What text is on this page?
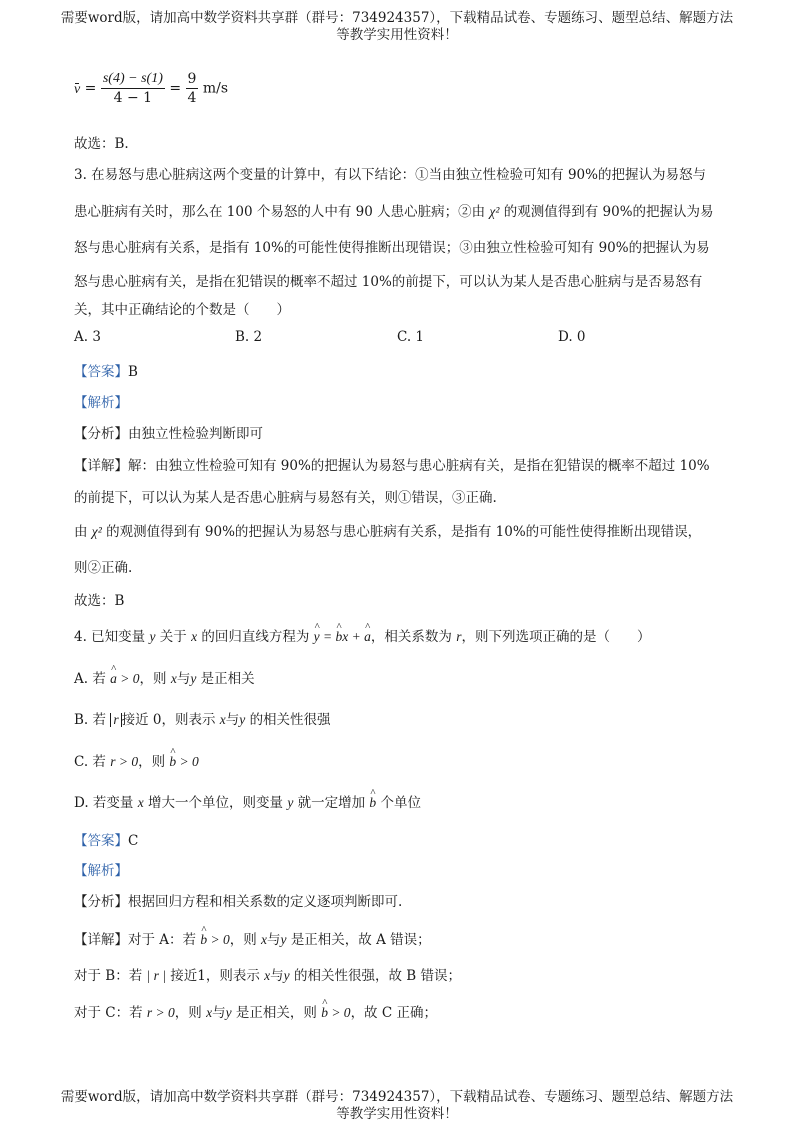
需要word版，请加高中数学资料共享群（群号：734924357），下载精品试卷、专题练习、题型总结、解题方法
等教学实用性资料！
$v = \frac{s(4) - s(1)}{4 - 1} = \frac{9}{4} m/s$
故选：B.
3. 在易怒与患心脏病这两个变量的计算中，有以下结论：①当由独立性检验可知有 90%的把握认为易怒与
患心脏病有关时，那么在 100 个易怒的人中有 90 人患心脏病；②由 χ² 的观测值得到有 90%的把握认为易
怒与患心脏病有关系，是指有 10%的可能性使得推断出现错误；③由独立性检验可知有 90%的把握认为易
怒与患心脏病有关，是指在犯错误的概率不超过 10%的前提下，可以认为某人是否患心脏病与是否易怒有
关，其中正确结论的个数是（　　）
A. 3	B. 2	C. 1	D. 0
【答案】B
【解析】
【分析】由独立性检验判断即可
【详解】解：由独立性检验可知有 90%的把握认为易怒与患心脏病有关，是指在犯错误的概率不超过 10%
的前提下，可以认为某人是否患心脏病与易怒有关，则①错误，③正确.
由 χ² 的观测值得到有 90%的把握认为易怒与患心脏病有关系，是指有 10%的可能性使得推断出现错误，
则②正确.
故选：B
4. 已知变量 y 关于 x 的回归直线方程为 ^ y = ^ bx + ^ a，相关系数为 r，则下列选项正确的是（　　）
A. 若 ^ a > 0，则 x与y 是正相关
B. 若 r 接近 0，则表示 x与y 的相关性很强
C. 若 r > 0，则 ^ b > 0
D. 若变量 x 增大一个单位，则变量 y 就一定增加 ^ b 个单位
【答案】C
【解析】
【分析】根据回归方程和相关系数的定义逐项判断即可.
【详解】对于 A：若 ^ b > 0，则 x与y 是正相关，故 A 错误；
对于 B：若 | r | 接近1，则表示 x与y 的相关性很强，故 B 错误；
对于 C：若 r > 0，则 x与y 是正相关，则 ^ b > 0，故 C 正确；
需要word版，请加高中数学资料共享群（群号：734924357），下载精品试卷、专题练习、题型总结、解题方法
等教学实用性资料！
